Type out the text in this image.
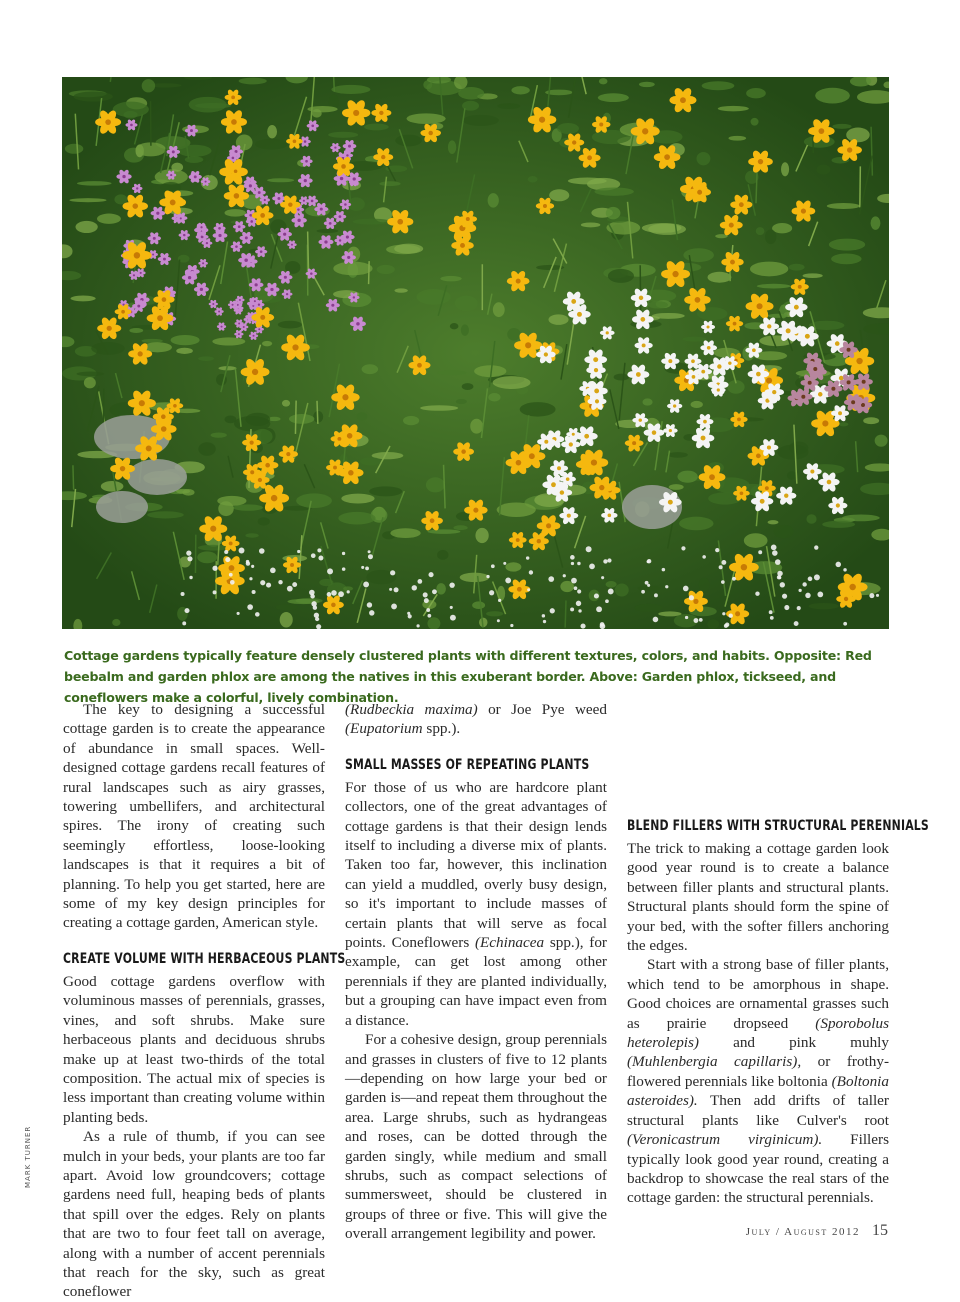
Cottage gardens typically feature densely clustered plants with different textures, colors, and habits. Opposite: Red beebalm and garden phlox are among the natives in this exuberant border. Above: Garden phlox, tickseed, and coneflowers make a colorful, lively combination.
MARK TURNER

The key to designing a successful cottage garden is to create the appearance of abundance in small spaces. Well-designed cottage gardens recall features of rural landscapes such as airy grasses, towering umbellifers, and architectural spires. The irony of creating such seemingly effortless, loose-looking landscapes is that it requires a bit of planning. To help you get started, here are some of my key design principles for creating a cottage garden, American style.

CREATE VOLUME WITH HERBACEOUS PLANTS

Good cottage gardens overflow with voluminous masses of perennials, grasses, vines, and soft shrubs. Make sure herbaceous plants and deciduous shrubs make up at least two-thirds of the total composition. The actual mix of species is less important than creating volume within planting beds.

As a rule of thumb, if you can see mulch in your beds, your plants are too far apart. Avoid low groundcovers; cottage gardens need full, heaping beds of plants that spill over the edges. Rely on plants that are two to four feet tall on average, along with a number of accent perennials that reach for the sky, such as great coneflower

(Rudbeckia maxima) or Joe Pye weed (Eupatorium spp.).

SMALL MASSES OF REPEATING PLANTS

For those of us who are hardcore plant collectors, one of the great advantages of cottage gardens is that their design lends itself to including a diverse mix of plants. Taken too far, however, this inclination can yield a muddled, overly busy design, so it's important to include masses of certain plants that will serve as focal points. Coneflowers (Echinacea spp.), for example, can get lost among other perennials if they are planted individually, but a grouping can have impact even from a distance.

For a cohesive design, group perennials and grasses in clusters of five to 12 plants—depending on how large your bed or garden is—and repeat them throughout the area. Large shrubs, such as hydrangeas and roses, can be dotted through the garden singly, while medium and small shrubs, such as compact selections of summersweet, should be clustered in groups of three or five. This will give the overall arrangement legibility and power.

BLEND FILLERS WITH STRUCTURAL PERENNIALS

The trick to making a cottage garden look good year round is to create a balance between filler plants and structural plants. Structural plants should form the spine of your bed, with the softer fillers anchoring the edges.

Start with a strong base of filler plants, which tend to be amorphous in shape. Good choices are ornamental grasses such as prairie dropseed (Sporobolus heterolepis) and pink muhly (Muhlenbergia capillaris), or frothy-flowered perennials like boltonia (Boltonia asteroides). Then add drifts of taller structural plants like Culver's root (Veronicastrum virginicum). Fillers typically look good year round, creating a backdrop to showcase the real stars of the cottage garden: the structural perennials.

July / August 2012 15
